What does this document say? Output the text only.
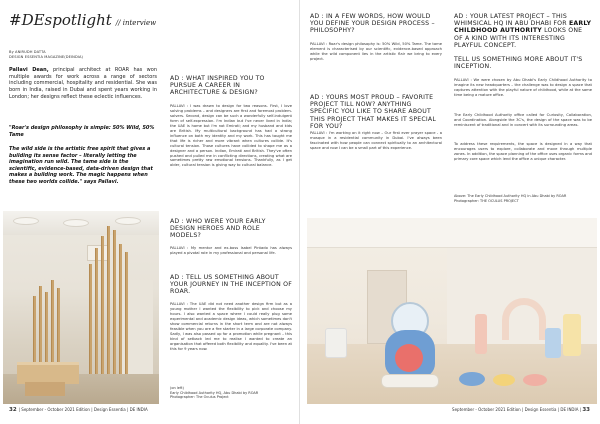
#DEspotlight // interview
By ANIRUDH DATTA
DESIGN ESSENTIA MAGAZINE(DEINDIA)
Pallavi Dean, principal architect at ROAR has won multiple awards for work across a range of sectors including commercial, hospitality and residential. She was born in India, raised in Dubai and spent years working in London; her designs reflect these eclectic influences.
"Roar's design philosophy is simple: 50% Wild, 50% Tame
The wild side is the artistic free spirit that gives a building its sense factor – literally letting the imagination run wild. The tame side is the scientific, evidence-based, data-driven design that makes a building work. The magic happens when these two worlds collide." says Pallavi.
AD : WHAT INSPIRED YOU TO PURSUE A CAREER IN ARCHITECTURE & DESIGN?
PALLAVI : I was drawn to design for two reasons. First, I love solving problems – and designers are first and foremost problem-solvers. Second, design can be such a wonderfully self-indulgent form of self-expression. I'm Indian but I've never lived in India; the UAE is home but I'm not Emirati; and my husband and kids are British. My multicultural background has had a strong influence on both my identity and my work. This has taught me that life is richer and more vibrant when cultures collide. It's cultural tension. Those cultures have collided to shape me as a designer and a person. Indian, Emirati and British. They've often pushed and pulled me in conflicting directions, creating what are sometimes pretty raw emotional tensions. Thankfully, as I get older, cultural tension is giving way to cultural balance.
AD : WHO WERE YOUR EARLY DESIGN HEROES AND ROLE MODELS?
PALLAVI : My mentor and ex-boss Isabel Pintado has always played a pivotal role in my professional and personal life.
AD : TELL US SOMETHING ABOUT YOUR JOURNEY IN THE INCEPTION OF ROAR.
PALLAVI : The UAE did not need another design firm but as a young mother I wanted the flexibility to pick and choose my hours. I also wanted a space where I could really plug some experimental and academic design ideas, which sometimes don't show commercial returns in the short term and are not always feasible when you are a fire starter in a large corporate company. Sadly, I was also passed up for a promotion while pregnant – this kind of setback led me to realise I wanted to create an organisation that offered both flexibility and equality. I've been at this for 9 years now.
(on left)
Early Childhood Authority HQ, Abu Dhabi by ROAR
Photographer: The Oculus Project
32 | September - October 2021 Edition | Design Essentia | DE INDIA
AD : IN A FEW WORDS, HOW WOULD YOU DEFINE YOUR DESIGN PROCESS – PHILOSOPHY?
PALLAVI : Roar's design philosophy is: 50% Wild, 50% Tame. The tame element is characterised by our scientific, evidence-based approach while the wild component lies in the artistic flair we bring to every project.
AD : YOURS MOST PROUD – FAVORITE PROJECT TILL NOW? ANYTHING SPECIFIC YOU LIKE TO SHARE ABOUT THIS PROJECT THAT MAKES IT SPECIAL FOR YOU?
PALLAVI : I'm working on it right now – Our first ever prayer space - a mosque in a residential community in Dubai. I've always been fascinated with how people can connect spiritually to an architectural space and now I can be a small part of this experience.
AD : YOUR LATEST PROJECT – THIS WHIMSICAL HQ IN ABU DHABI FOR EARLY CHILDHOOD AUTHORITY LOOKS ONE OF A KIND WITH ITS INTERESTING PLAYFUL CONCEPT.
TELL US SOMETHING MORE ABOUT IT'S INCEPTION.
PALLAVI : We were chosen by Abu Dhabi's Early Childhood Authority to imagine its new headquarters – the challenge was to design a space that captures attention with the playful nature of childhood, while at the same time being a mature office.
The Early Childhood Authority office called for Curiosity, Collaboration, and Coordination. Alongside the 3C's, the design of the space was to be reminiscent of traditional and in concert with its surrounding areas.
To address these requirements, the space is designed in a way that encourages users to explore, collaborate and move through multiple zones. In addition, the space planning of the office uses organic forms and primary core space which lend the office a unique character.
Above: The Early Childhood Authority HQ in Abu Dhabi by ROAR
Photographer: THE OCULUS PROJECT
September - October 2021 Edition | Design Essentia | DE INDIA | 33
